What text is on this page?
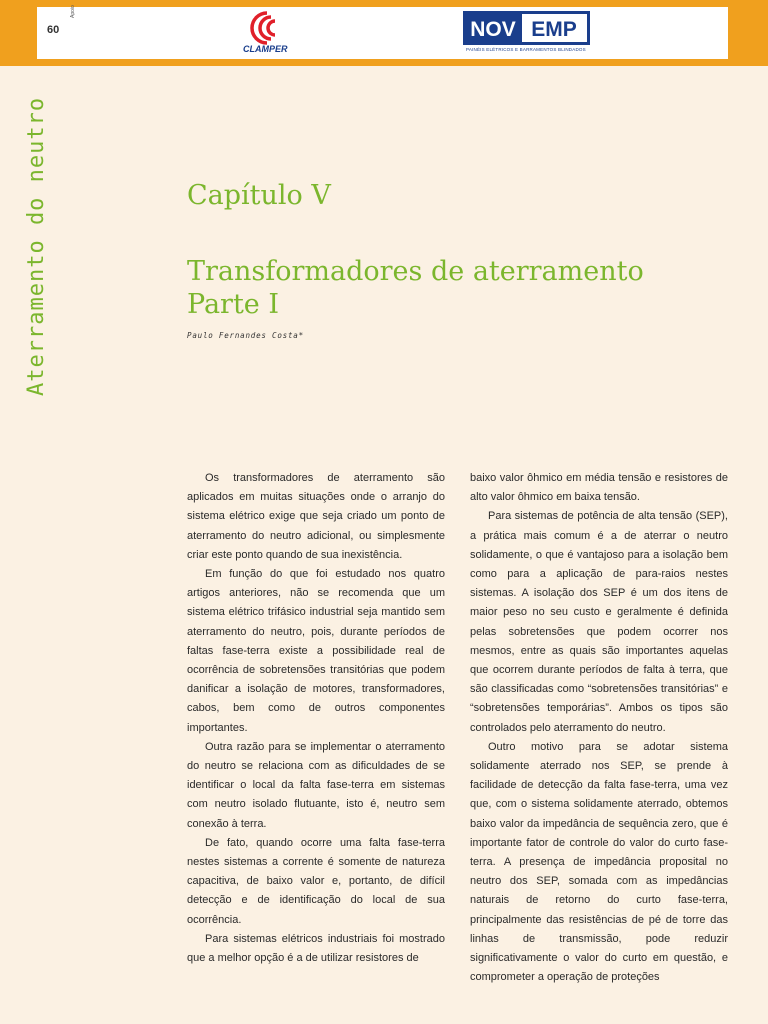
60
Apoio
CLAMPER
NOV EMP
PAINÉIS ELÉTRICOS E BARRAMENTOS BLINDADOS
Aterramento do neutro	Capítulo V
Transformadores de aterramento
Parte I
Paulo Fernandes Costa*

Os transformadores de aterramento são aplicados em muitas situações onde o arranjo do sistema elétrico exige que seja criado um ponto de aterramento do neutro adicional, ou simplesmente criar este ponto quando de sua inexistência.

Em função do que foi estudado nos quatro artigos anteriores, não se recomenda que um sistema elétrico trifásico industrial seja mantido sem aterramento do neutro, pois, durante períodos de faltas fase-terra existe a possibilidade real de ocorrência de sobretensões transitórias que podem danificar a isolação de motores, transformadores, cabos, bem como de outros componentes importantes.

Outra razão para se implementar o aterramento do neutro se relaciona com as dificuldades de se identificar o local da falta fase-terra em sistemas com neutro isolado flutuante, isto é, neutro sem conexão à terra.

De fato, quando ocorre uma falta fase-terra nestes sistemas a corrente é somente de natureza capacitiva, de baixo valor e, portanto, de difícil detecção e de identificação do local de sua ocorrência.

Para sistemas elétricos industriais foi mostrado que a melhor opção é a de utilizar resistores de

baixo valor ôhmico em média tensão e resistores de alto valor ôhmico em baixa tensão.

Para sistemas de potência de alta tensão (SEP), a prática mais comum é a de aterrar o neutro solidamente, o que é vantajoso para a isolação bem como para a aplicação de para-raios nestes sistemas. A isolação dos SEP é um dos itens de maior peso no seu custo e geralmente é definida pelas sobretensões que podem ocorrer nos mesmos, entre as quais são importantes aquelas que ocorrem durante períodos de falta à terra, que são classificadas como “sobretensões transitórias” e “sobretensões temporárias”. Ambos os tipos são controlados pelo aterramento do neutro.

Outro motivo para se adotar sistema solidamente aterrado nos SEP, se prende à facilidade de detecção da falta fase-terra, uma vez que, com o sistema solidamente aterrado, obtemos baixo valor da impedância de sequência zero, que é importante fator de controle do valor do curto fase-terra. A presença de impedância proposital no neutro dos SEP, somada com as impedâncias naturais de retorno do curto fase-terra, principalmente das resistências de pé de torre das linhas de transmissão, pode reduzir significativamente o valor do curto em questão, e comprometer a operação de proteções
